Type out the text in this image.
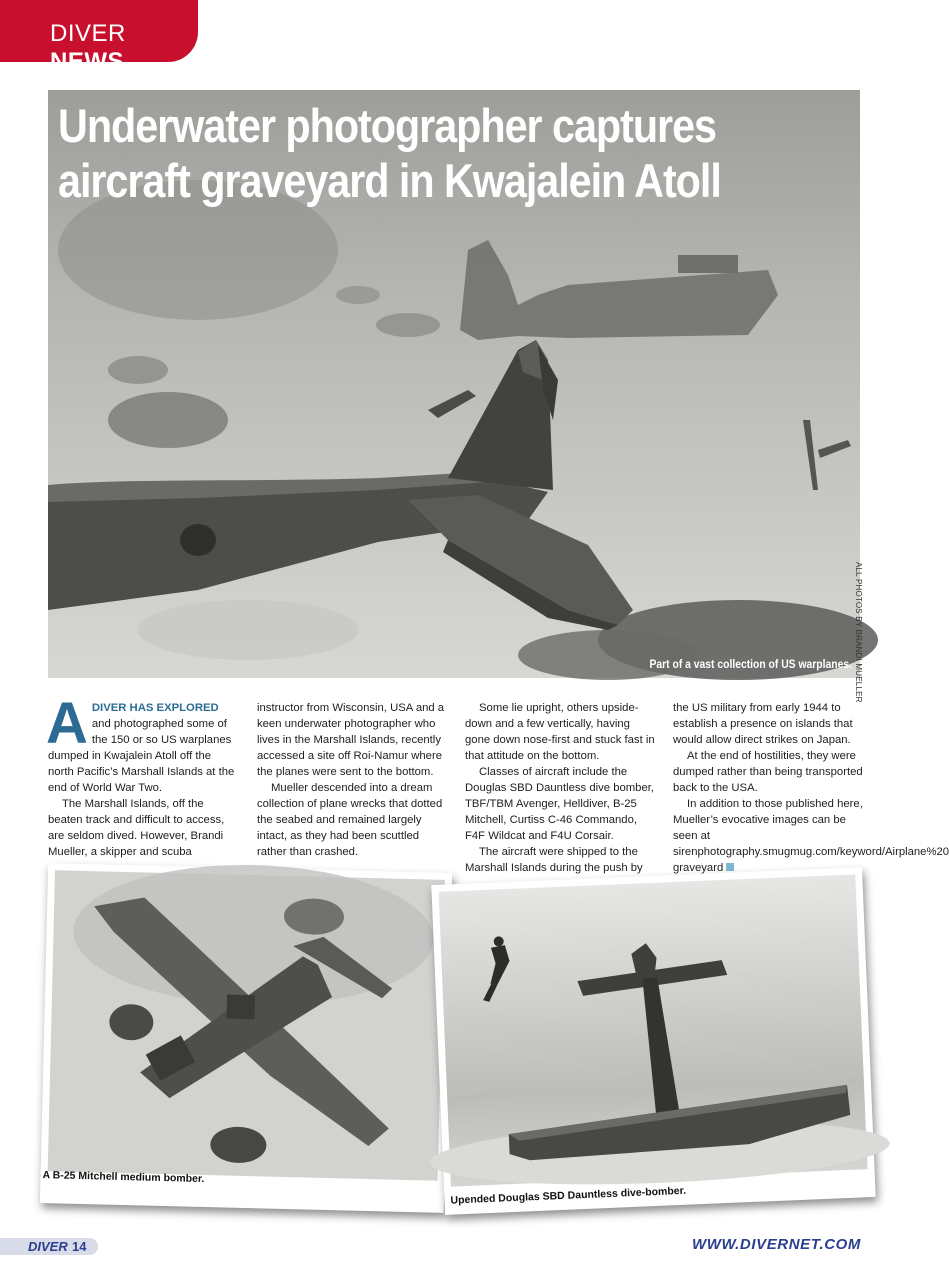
DIVER NEWS
Underwater photographer captures aircraft graveyard in Kwajalein Atoll
Part of a vast collection of US warplanes. ALL PHOTOS BY BRANDI MUELLER

ADIVER HAS EXPLORED and photographed some of the 150 or so US warplanes dumped in Kwajalein Atoll off the north Pacific’s Marshall Islands at the end of World War Two.

The Marshall Islands, off the beaten track and difficult to access, are seldom dived. However, Brandi Mueller, a skipper and scuba

instructor from Wisconsin, USA and a keen underwater photographer who lives in the Marshall Islands, recently accessed a site off Roi-Namur where the planes were sent to the bottom.

Mueller descended into a dream collection of plane wrecks that dotted the seabed and remained largely intact, as they had been scuttled rather than crashed.

Some lie upright, others upside-down and a few vertically, having gone down nose-first and stuck fast in that attitude on the bottom.

Classes of aircraft include the Douglas SBD Dauntless dive bomber, TBF/TBM Avenger, Helldiver, B-25 Mitchell, Curtiss C-46 Commando, F4F Wildcat and F4U Corsair.

The aircraft were shipped to the Marshall Islands during the push by

the US military from early 1944 to establish a presence on islands that would allow direct strikes on Japan.

At the end of hostilities, they were dumped rather than being transported back to the USA.

In addition to those published here, Mueller’s evocative images can be seen at sirenphotography.smugmug.com/keyword/Airplane%20 graveyard

A B-25 Mitchell medium bomber.
Upended Douglas SBD Dauntless dive-bomber.
DIVER 14	WWW.DIVERNET.COM
